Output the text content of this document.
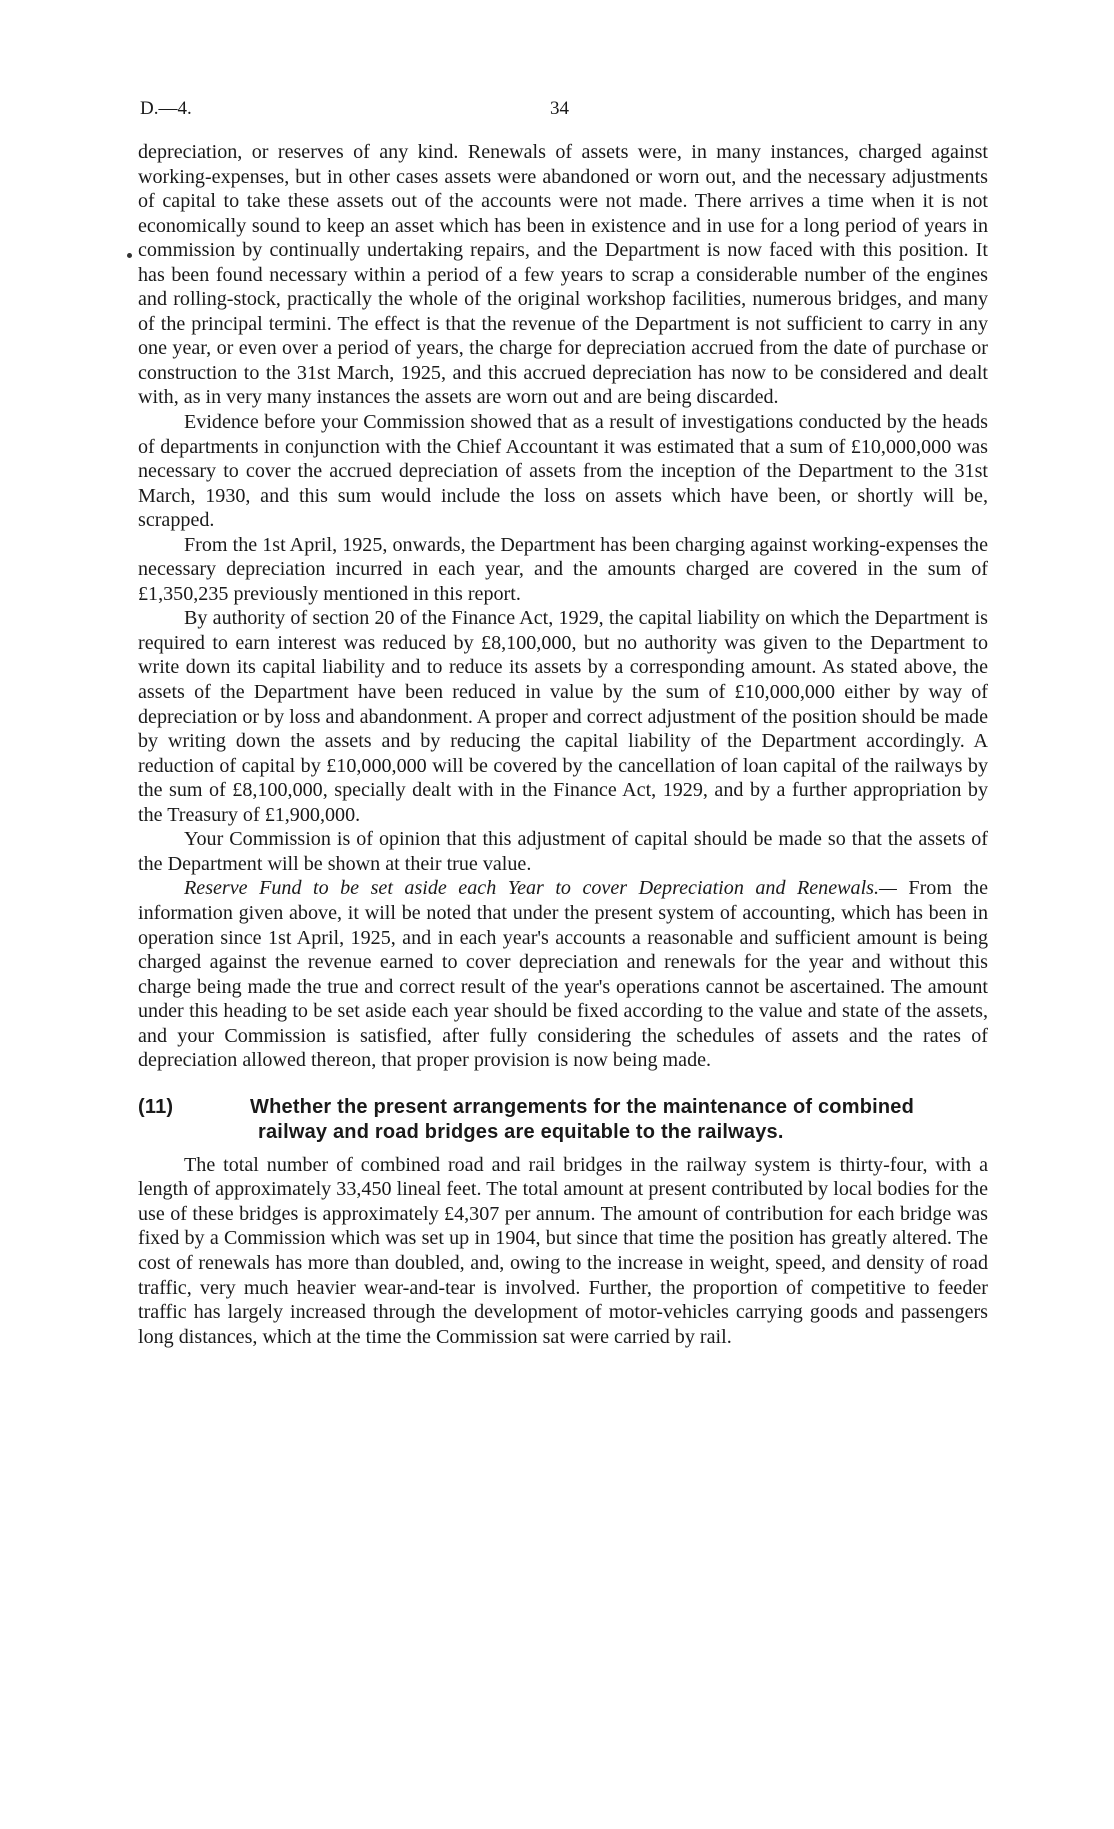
D.—4.	34

depreciation, or reserves of any kind. Renewals of assets were, in many instances, charged against working-expenses, but in other cases assets were abandoned or worn out, and the necessary adjustments of capital to take these assets out of the accounts were not made. There arrives a time when it is not economically sound to keep an asset which has been in existence and in use for a long period of years in commission by continually undertaking repairs, and the Department is now faced with this position. It has been found necessary within a period of a few years to scrap a considerable number of the engines and rolling-stock, practically the whole of the original workshop facilities, numerous bridges, and many of the principal termini. The effect is that the revenue of the Department is not sufficient to carry in any one year, or even over a period of years, the charge for depreciation accrued from the date of purchase or construction to the 31st March, 1925, and this accrued depreciation has now to be considered and dealt with, as in very many instances the assets are worn out and are being discarded.

Evidence before your Commission showed that as a result of investigations conducted by the heads of departments in conjunction with the Chief Accountant it was estimated that a sum of £10,000,000 was necessary to cover the accrued depreciation of assets from the inception of the Department to the 31st March, 1930, and this sum would include the loss on assets which have been, or shortly will be, scrapped.

From the 1st April, 1925, onwards, the Department has been charging against working-expenses the necessary depreciation incurred in each year, and the amounts charged are covered in the sum of £1,350,235 previously mentioned in this report.

By authority of section 20 of the Finance Act, 1929, the capital liability on which the Department is required to earn interest was reduced by £8,100,000, but no authority was given to the Department to write down its capital liability and to reduce its assets by a corresponding amount. As stated above, the assets of the Department have been reduced in value by the sum of £10,000,000 either by way of depreciation or by loss and abandonment. A proper and correct adjustment of the position should be made by writing down the assets and by reducing the capital liability of the Department accordingly. A reduction of capital by £10,000,000 will be covered by the cancellation of loan capital of the railways by the sum of £8,100,000, specially dealt with in the Finance Act, 1929, and by a further appropriation by the Treasury of £1,900,000.

Your Commission is of opinion that this adjustment of capital should be made so that the assets of the Department will be shown at their true value.

Reserve Fund to be set aside each Year to cover Depreciation and Renewals.— From the information given above, it will be noted that under the present system of accounting, which has been in operation since 1st April, 1925, and in each year's accounts a reasonable and sufficient amount is being charged against the revenue earned to cover depreciation and renewals for the year and without this charge being made the true and correct result of the year's operations cannot be ascertained. The amount under this heading to be set aside each year should be fixed according to the value and state of the assets, and your Commission is satisfied, after fully considering the schedules of assets and the rates of depreciation allowed thereon, that proper provision is now being made.

(11)	Whether the present arrangements for the maintenance of combined railway and road bridges are equitable to the railways.

The total number of combined road and rail bridges in the railway system is thirty-four, with a length of approximately 33,450 lineal feet. The total amount at present contributed by local bodies for the use of these bridges is approximately £4,307 per annum. The amount of contribution for each bridge was fixed by a Commission which was set up in 1904, but since that time the position has greatly altered. The cost of renewals has more than doubled, and, owing to the increase in weight, speed, and density of road traffic, very much heavier wear-and-tear is involved. Further, the proportion of competitive to feeder traffic has largely increased through the development of motor-vehicles carrying goods and passengers long distances, which at the time the Commission sat were carried by rail.
